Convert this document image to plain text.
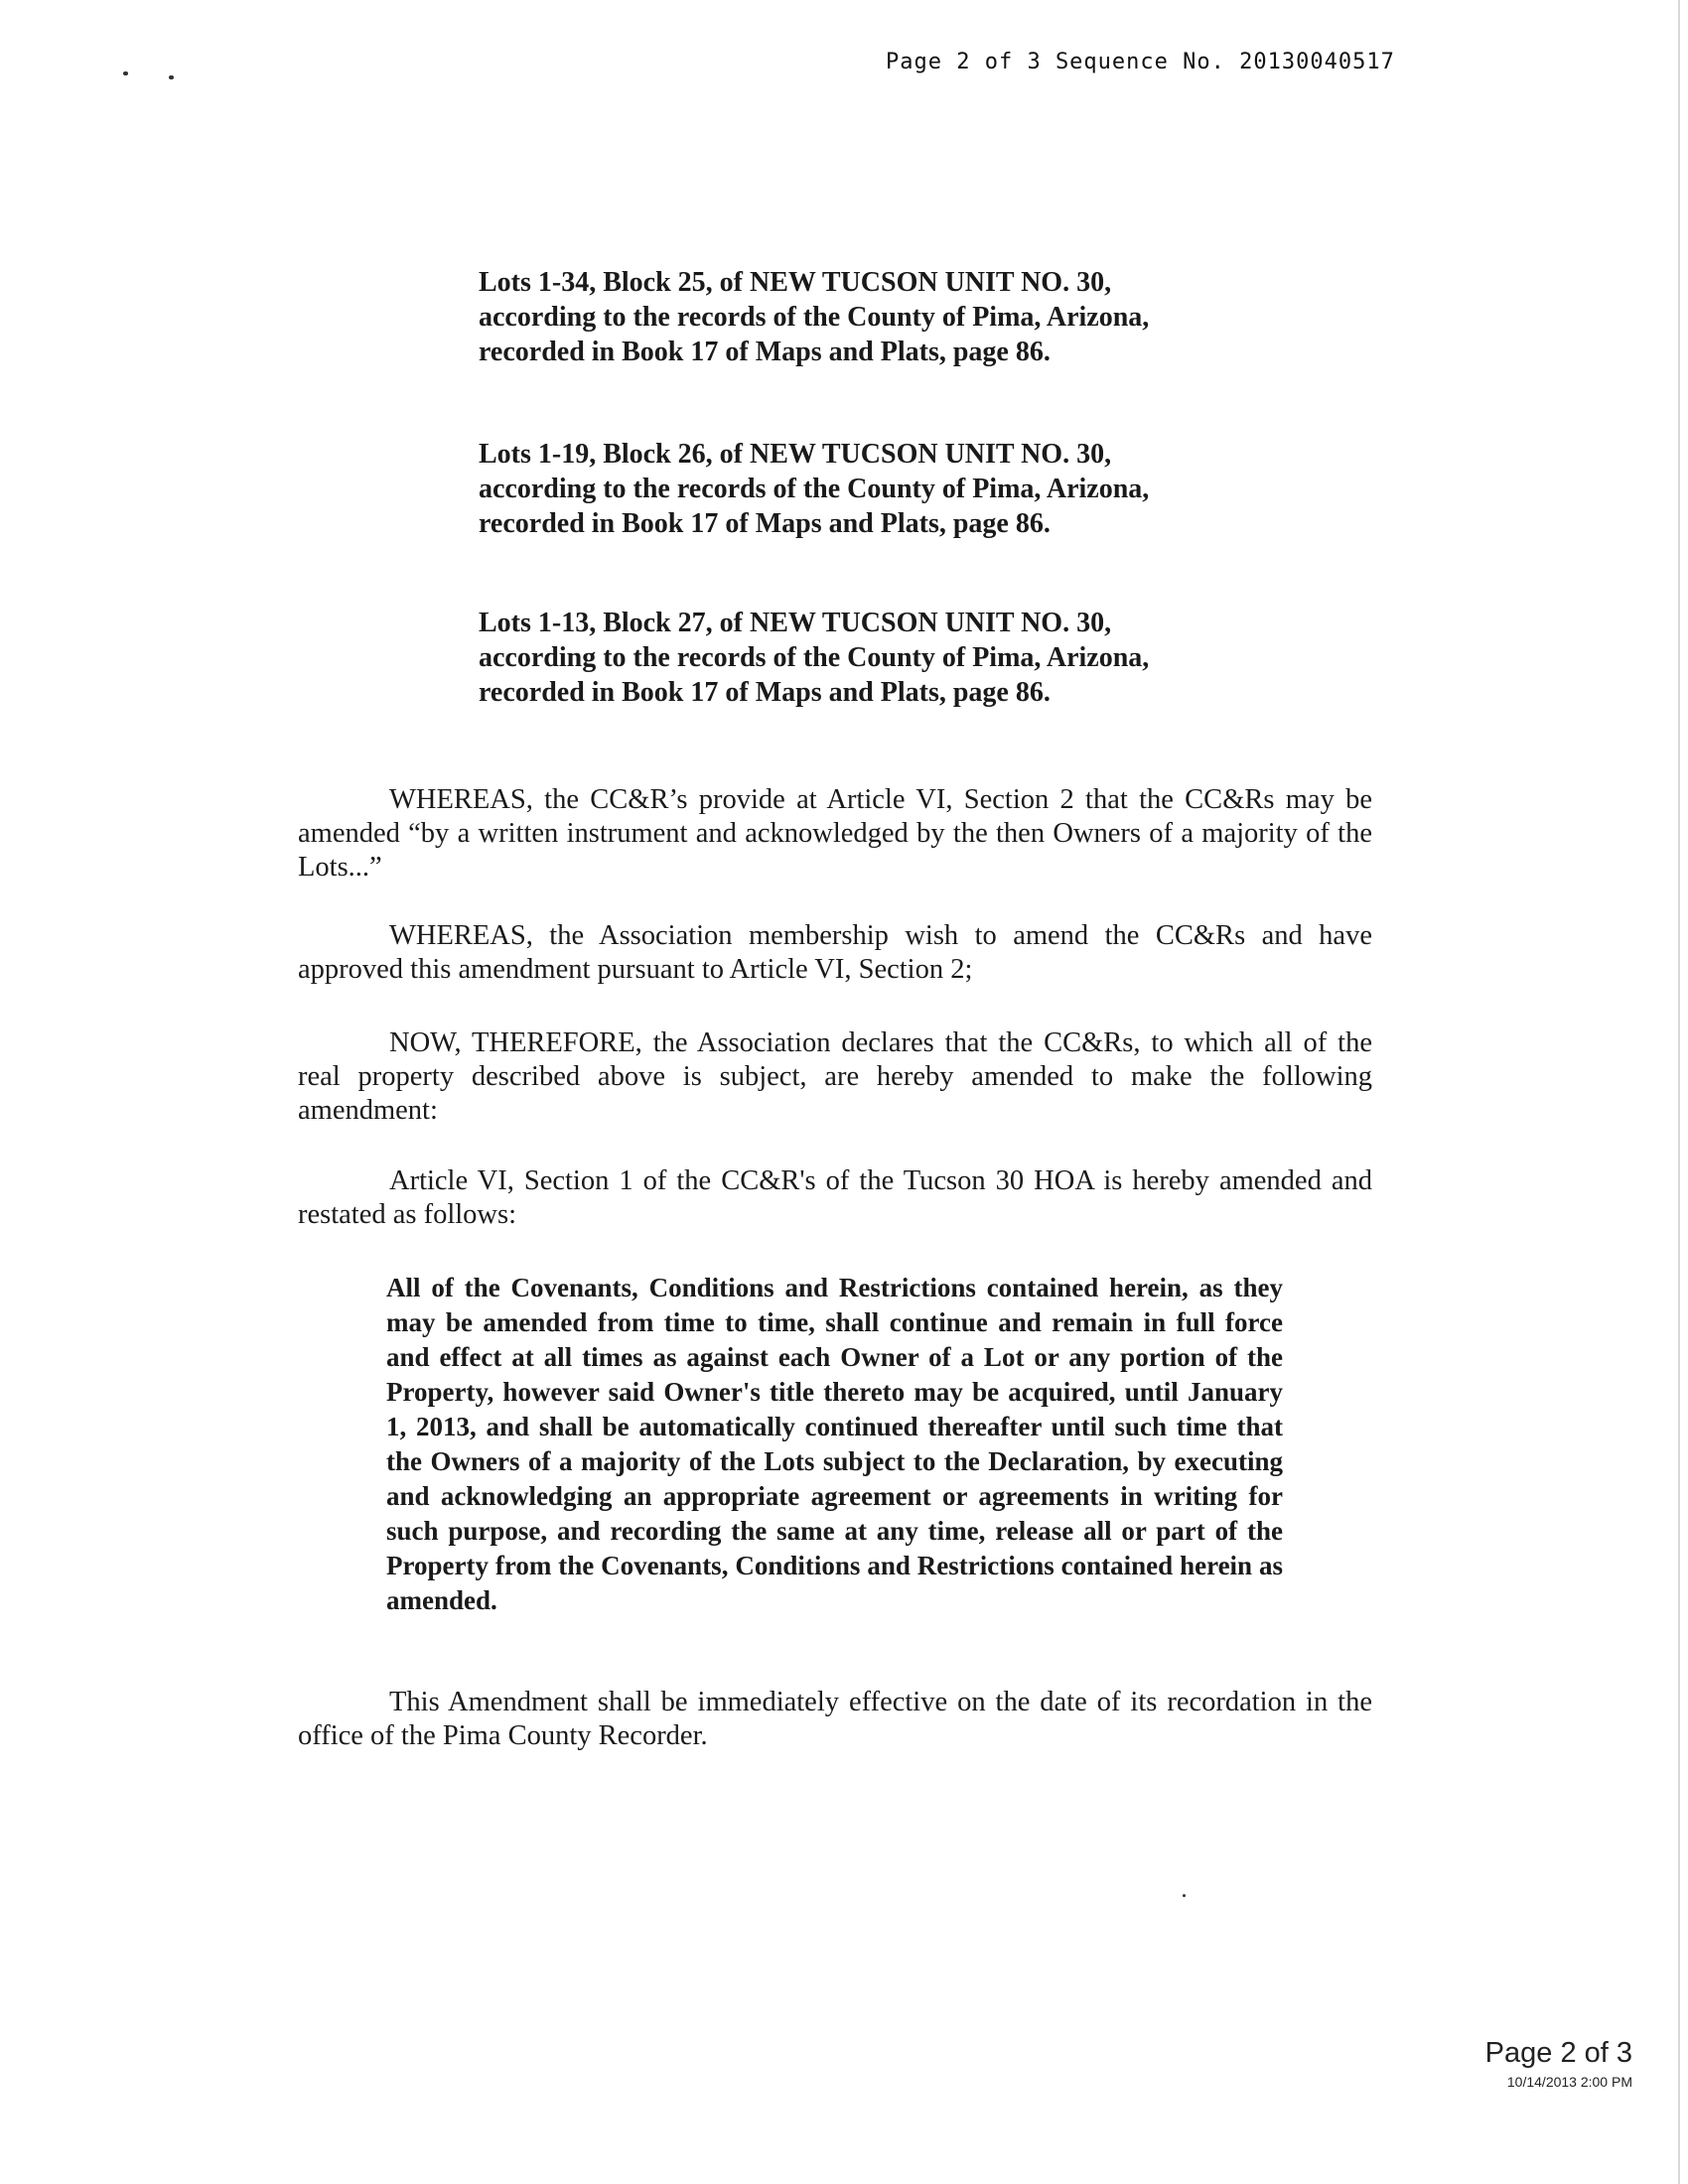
Page 2 of 3 Sequence No. 20130040517

Lots 1-34, Block 25, of NEW TUCSON UNIT NO. 30, according to the records of the County of Pima, Arizona, recorded in Book 17 of Maps and Plats, page 86.

Lots 1-19, Block 26, of NEW TUCSON UNIT NO. 30, according to the records of the County of Pima, Arizona, recorded in Book 17 of Maps and Plats, page 86.

Lots 1-13, Block 27, of NEW TUCSON UNIT NO. 30, according to the records of the County of Pima, Arizona, recorded in Book 17 of Maps and Plats, page 86.

WHEREAS, the CC&R’s provide at Article VI, Section 2 that the CC&Rs may be amended “by a written instrument and acknowledged by the then Owners of a majority of the Lots...”

WHEREAS, the Association membership wish to amend the CC&Rs and have approved this amendment pursuant to Article VI, Section 2;

NOW, THEREFORE, the Association declares that the CC&Rs, to which all of the real property described above is subject, are hereby amended to make the following amendment:

Article VI, Section 1 of the CC&R's of the Tucson 30 HOA is hereby amended and restated as follows:

All of the Covenants, Conditions and Restrictions contained herein, as they may be amended from time to time, shall continue and remain in full force and effect at all times as against each Owner of a Lot or any portion of the Property, however said Owner's title thereto may be acquired, until January 1, 2013, and shall be automatically continued thereafter until such time that the Owners of a majority of the Lots subject to the Declaration, by executing and acknowledging an appropriate agreement or agreements in writing for such purpose, and recording the same at any time, release all or part of the Property from the Covenants, Conditions and Restrictions contained herein as amended.

This Amendment shall be immediately effective on the date of its recordation in the office of the Pima County Recorder.

Page 2 of 3
10/14/2013 2:00 PM
